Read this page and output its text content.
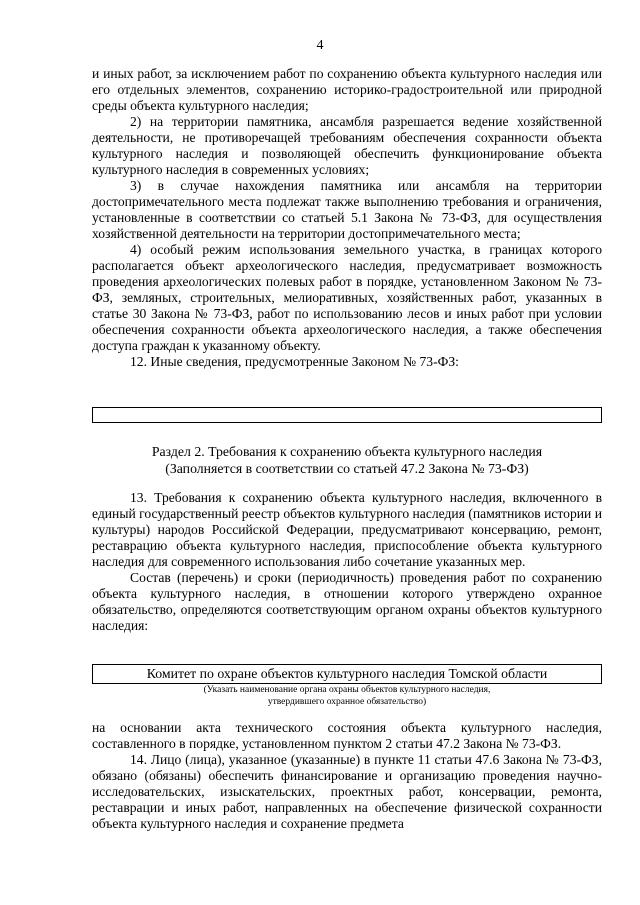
4

и иных работ, за исключением работ по сохранению объекта культурного наследия или его отдельных элементов, сохранению историко-градостроительной или природной среды объекта культурного наследия;

2) на территории памятника, ансамбля разрешается ведение хозяйственной деятельности, не противоречащей требованиям обеспечения сохранности объекта культурного наследия и позволяющей обеспечить функционирование объекта культурного наследия в современных условиях;

3) в случае нахождения памятника или ансамбля на территории достопримечательного места подлежат также выполнению требования и ограничения, установленные в соответствии со статьей 5.1 Закона № 73-ФЗ, для осуществления хозяйственной деятельности на территории достопримечательного места;

4) особый режим использования земельного участка, в границах которого располагается объект археологического наследия, предусматривает возможность проведения археологических полевых работ в порядке, установленном Законом № 73-ФЗ, земляных, строительных, мелиоративных, хозяйственных работ, указанных в статье 30 Закона № 73-ФЗ, работ по использованию лесов и иных работ при условии обеспечения сохранности объекта археологического наследия, а также обеспечения доступа граждан к указанному объекту.

12. Иные сведения, предусмотренные Законом № 73-ФЗ:

Раздел 2. Требования к сохранению объекта культурного наследия
(Заполняется в соответствии со статьей 47.2 Закона № 73-ФЗ)

13. Требования к сохранению объекта культурного наследия, включенного в единый государственный реестр объектов культурного наследия (памятников истории и культуры) народов Российской Федерации, предусматривают консервацию, ремонт, реставрацию объекта культурного наследия, приспособление объекта культурного наследия для современного использования либо сочетание указанных мер.

Состав (перечень) и сроки (периодичность) проведения работ по сохранению объекта культурного наследия, в отношении которого утверждено охранное обязательство, определяются соответствующим органом охраны объектов культурного наследия:

Комитет по охране объектов культурного наследия Томской области
(Указать наименование органа охраны объектов культурного наследия,
утвердившего охранное обязательство)

на основании акта технического состояния объекта культурного наследия, составленного в порядке, установленном пунктом 2 статьи 47.2 Закона № 73-ФЗ.

14. Лицо (лица), указанное (указанные) в пункте 11 статьи 47.6 Закона № 73-ФЗ, обязано (обязаны) обеспечить финансирование и организацию проведения научно-исследовательских, изыскательских, проектных работ, консервации, ремонта, реставрации и иных работ, направленных на обеспечение физической сохранности объекта культурного наследия и сохранение предмета
